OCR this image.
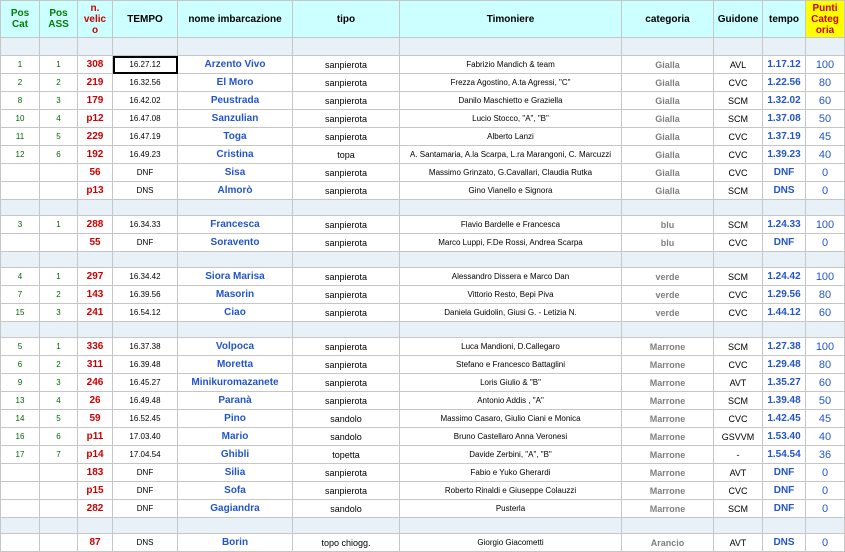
Pos Cat	Pos ASS	n. velic o	TEMPO	nome imbarcazione	tipo	Timoniere	categoria	Guidone	tempo	Punti Categ oria

1	1	308	16.27.12	Arzento Vivo	sanpierota	Fabrizio Mandich & team	Gialla	AVL	1.17.12	100
2	2	219	16.32.56	El Moro	sanpierota	Frezza Agostino, A.ta Agressi, "C"	Gialla	CVC	1.22.56	80
8	3	179	16.42.02	Peustrada	sanpierota	Danilo Maschietto e Graziella	Gialla	SCM	1.32.02	60
10	4	p12	16.47.08	Sanzulian	sanpierota	Lucio Stocco, "A", "B"	Gialla	SCM	1.37.08	50
11	5	229	16.47.19	Toga	sanpierota	Alberto Lanzi	Gialla	CVC	1.37.19	45
12	6	192	16.49.23	Cristina	topa	A. Santamaria, A.la Scarpa, L.ra Marangoni, C. Marcuzzi	Gialla	CVC	1.39.23	40
		56	DNF	Sisa	sanpierota	Massimo Grinzato, G.Cavallari, Claudia Rutka	Gialla	CVC	DNF	0
		p13	DNS	Almorò	sanpierota	Gino Vianello e Signora	Gialla	SCM	DNS	0

3	1	288	16.34.33	Francesca	sanpierota	Flavio Bardelle e Francesca	blu	SCM	1.24.33	100
		55	DNF	Soravento	sanpierota	Marco Luppi, F.De Rossi, Andrea Scarpa	blu	CVC	DNF	0

4	1	297	16.34.42	Siora Marisa	sanpierota	Alessandro Dissera e Marco Dan	verde	SCM	1.24.42	100
7	2	143	16.39.56	Masorin	sanpierota	Vittorio Resto, Bepi Piva	verde	CVC	1.29.56	80
15	3	241	16.54.12	Ciao	sanpierota	Daniela Guidolin, Giusi G. - Letizia N.	verde	CVC	1.44.12	60

5	1	336	16.37.38	Volpoca	sanpierota	Luca Mandioni, D.Callegaro	Marrone	SCM	1.27.38	100
6	2	311	16.39.48	Moretta	sanpierota	Stefano e Francesco Battaglini	Marrone	CVC	1.29.48	80
9	3	246	16.45.27	Minikuromazanete	sanpierota	Loris Giulio & "B"	Marrone	AVT	1.35.27	60
13	4	26	16.49.48	Paranà	sanpierota	Antonio Addis , "A"	Marrone	SCM	1.39.48	50
14	5	59	16.52.45	Pino	sandolo	Massimo Casaro, Giulio Ciani e Monica	Marrone	CVC	1.42.45	45
16	6	p11	17.03.40	Mario	sandolo	Bruno Castellaro Anna Veronesi	Marrone	GSVVM	1.53.40	40
17	7	p14	17.04.54	Ghibli	topetta	Davide Zerbini, "A", "B"	Marrone	-	1.54.54	36
		183	DNF	Silia	sanpierota	Fabio e Yuko Gherardi	Marrone	AVT	DNF	0
		p15	DNF	Sofa	sanpierota	Roberto Rinaldi e Giuseppe Colauzzi	Marrone	CVC	DNF	0
		282	DNF	Gagiandra	sandolo	Pusterla	Marrone	SCM	DNF	0

		87	DNS	Borin	topo chiogg.	Giorgio Giacometti	Arancio	AVT	DNS	0
